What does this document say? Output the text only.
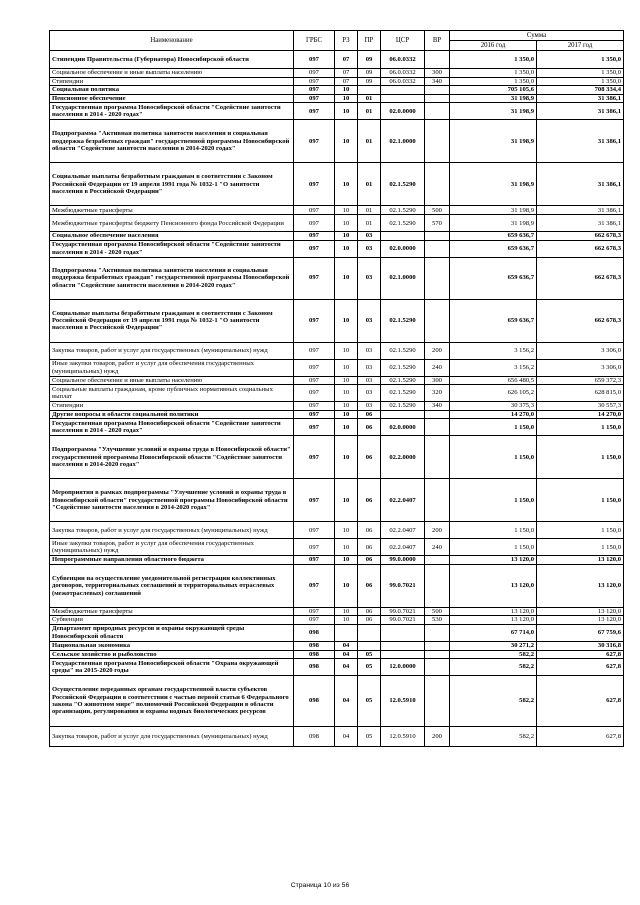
Наименование	ГРБС	РЗ	ПР	ЦСР	ВР	Сумма	
						2016 год	2017 год
Стипендии Правительства (Губернатора) Новосибирской области	097	07	09	06.0.0332		1 350,0	1 350,0
Социальное обеспечение и иные выплаты населению	097	07	09	06.0.0332	300	1 350,0	1 350,0
Стипендии	097	07	09	06.0.0332	340	1 350,0	1 350,0
Социальная политика	097	10				705 105,6	708 334,4
Пенсионное обеспечение	097	10	01			31 198,9	31 386,1
Государственная программа Новосибирской области "Содействие занятости населения в 2014 - 2020 годах"	097	10	01	02.0.0000		31 198,9	31 386,1
Подпрограмма "Активная политика занятости населения и социальная поддержка безработных граждан" государственной программы Новосибирской области "Содействие занятости населения в 2014-2020 годах"	097	10	01	02.1.0000		31 198,9	31 386,1
Социальные выплаты безработным гражданам в соответствии с Законом Российской Федерации от 19 апреля 1991 года № 1032-1 "О занятости населения в Российской Федерации"	097	10	01	02.1.5290		31 198,9	31 386,1
Межбюджетные трансферты	097	10	01	02.1.5290	500	31 198,9	31 386,1
Межбюджетные трансферты бюджету Пенсионного фонда Российской Федерации	097	10	01	02.1.5290	570	31 198,9	31 386,1
Социальное обеспечение населения	097	10	03			659 636,7	662 678,3
Государственная программа Новосибирской области "Содействие занятости населения в 2014 - 2020 годах"	097	10	03	02.0.0000		659 636,7	662 678,3
Подпрограмма "Активная политика занятости населения и социальная поддержка безработных граждан" государственной программы Новосибирской области "Содействие занятости населения в 2014-2020 годах"	097	10	03	02.1.0000		659 636,7	662 678,3
Социальные выплаты безработным гражданам в соответствии с Законом Российской Федерации от 19 апреля 1991 года № 1032-1 "О занятости населения в Российской Федерации"	097	10	03	02.1.5290		659 636,7	662 678,3
Закупка товаров, работ и услуг для государственных (муниципальных) нужд	097	10	03	02.1.5290	200	3 156,2	3 306,0
Иные закупки товаров, работ и услуг для обеспечения государственных (муниципальных) нужд	097	10	03	02.1.5290	240	3 156,2	3 306,0
Социальное обеспечение и иные выплаты населению	097	10	03	02.1.5290	300	656 480,5	659 372,3
Социальные выплаты гражданам, кроме публичных нормативных социальных выплат	097	10	03	02.1.5290	320	626 105,2	628 815,0
Стипендии	097	10	03	02.1.5290	340	30 375,3	30 557,3
Другие вопросы в области социальной политики	097	10	06			14 270,0	14 270,0
Государственная программа Новосибирской области "Содействие занятости населения в 2014 - 2020 годах"	097	10	06	02.0.0000		1 150,0	1 150,0
Подпрограмма "Улучшение условий и охраны труда в Новосибирской области" государственной программы Новосибирской области "Содействие занятости населения в 2014-2020 годах"	097	10	06	02.2.0000		1 150,0	1 150,0
Мероприятия в рамках подпрограммы "Улучшение условий и охраны труда в Новосибирской области" государственной программы Новосибирской области "Содействие занятости населения в 2014-2020 годах"	097	10	06	02.2.0407		1 150,0	1 150,0
Закупка товаров, работ и услуг для государственных (муниципальных) нужд	097	10	06	02.2.0407	200	1 150,0	1 150,0
Иные закупки товаров, работ и услуг для обеспечения государственных (муниципальных) нужд	097	10	06	02.2.0407	240	1 150,0	1 150,0
Непрограммные направления областного бюджета	097	10	06	99.0.0000		13 120,0	13 120,0
Субвенции на осуществление уведомительной регистрации коллективных договоров, территориальных соглашений и территориальных отраслевых (межотраслевых) соглашений	097	10	06	99.0.7021		13 120,0	13 120,0
Межбюджетные трансферты	097	10	06	99.0.7021	500	13 120,0	13 120,0
Субвенции	097	10	06	99.0.7021	530	13 120,0	13 120,0
Департамент природных ресурсов и охраны окружающей среды Новосибирской области	098					67 714,0	67 759,6
Национальная экономика	098	04				30 271,2	30 316,8
Сельское хозяйство и рыболовство	098	04	05			582,2	627,8
Государственная программа Новосибирской области "Охрана окружающей среды" на 2015-2020 годы	098	04	05	12.0.0000		582,2	627,8
Осуществление переданных органам государственной власти субъектов Российской Федерации в соответствии с частью первой статьи 6 Федерального закона "О животном мире" полномочий Российской Федерации в области организации, регулирования и охраны водных биологических ресурсов	098	04	05	12.0.5910		582,2	627,8
Закупка товаров, работ и услуг для государственных (муниципальных) нужд	098	04	05	12.0.5910	200	582,2	627,8
Страница 10 из 56
